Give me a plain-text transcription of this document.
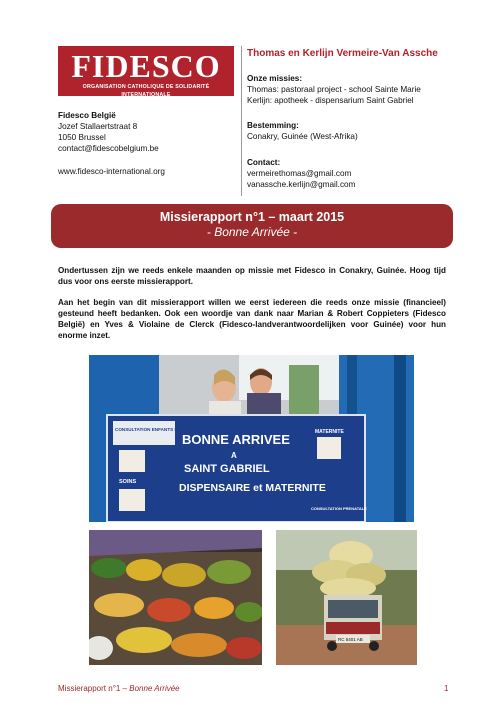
FIDESCO
ORGANISATION CATHOLIQUE DE SOLIDARITÉ INTERNATIONALE
Thomas en Kerlijn Vermeire-Van Assche
Fidesco België
Jozef Stallaertstraat 8
1050 Brussel
contact@fidescobelgium.be
www.fidesco-international.org
Onze missies:
Thomas: pastoraal project - school Sainte Marie
Kerlijn: apotheek - dispensarium Saint Gabriel
Bestemming:
Conakry, Guinée (West-Afrika)
Contact:
vermeirethomas@gmail.com
vanassche.kerlijn@gmail.com
Missierapport n°1 – maart 2015
- Bonne Arrivée -
Ondertussen zijn we reeds enkele maanden op missie met Fidesco in Conakry, Guinée. Hoog tijd dus voor ons eerste missierapport.
Aan het begin van dit missierapport willen we eerst iedereen die reeds onze missie (financieel) gesteund heeft bedanken. Ook een woordje van dank naar Marian & Robert Coppieters (Fidesco België) en Yves & Violaine de Clerck (Fidesco-landverantwoordelijken voor Guinée) voor hun enorme inzet.
CONSULTATION ENFANTS ET ADULTES
SOINS
BONNE ARRIVEE
A
SAINT GABRIEL
DISPENSAIRE et MATERNITE
MATERNITE
CONSULTATION PRENATALE
RC 6401 AB
Missierapport n°1 – Bonne Arrivée	1
